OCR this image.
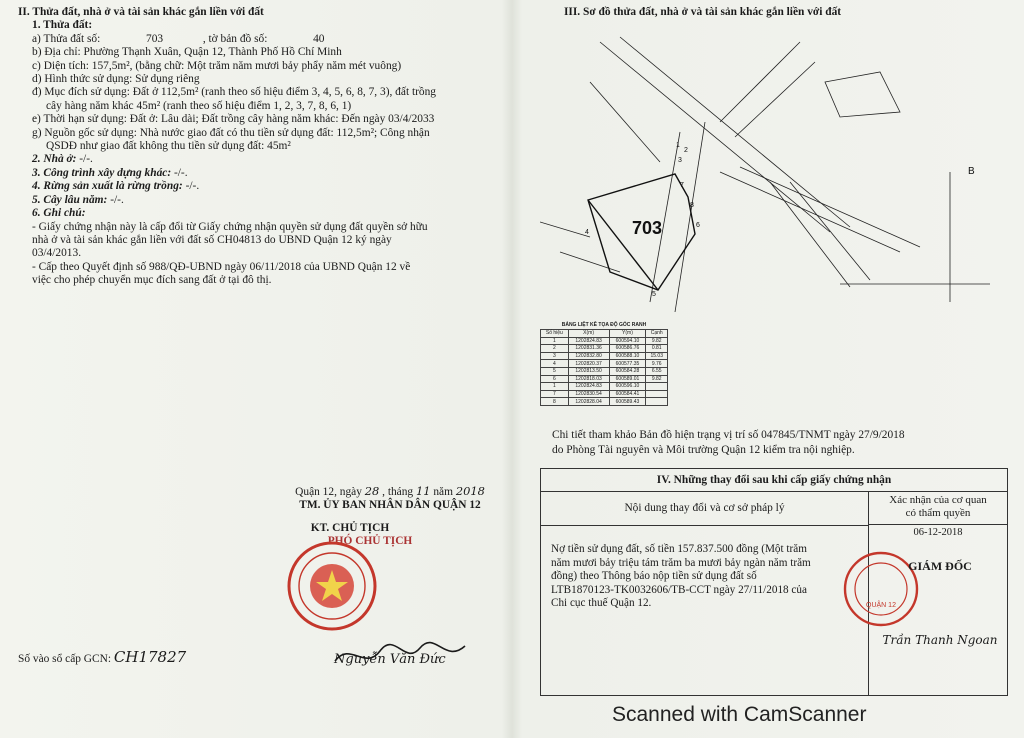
II. Thửa đất, nhà ở và tài sản khác gắn liền với đất

1. Thửa đất:

a) Thửa đất số:	703	, tờ bản đồ số:	40

b) Địa chỉ: Phường Thạnh Xuân, Quận 12, Thành Phố Hồ Chí Minh

c) Diện tích: 157,5m², (bằng chữ: Một trăm năm mươi bảy phẩy năm mét vuông)

d) Hình thức sử dụng: Sử dụng riêng

đ) Mục đích sử dụng: Đất ở 112,5m² (ranh theo số hiệu điểm 3, 4, 5, 6, 8, 7, 3), đất trồng

cây hàng năm khác 45m² (ranh theo số hiệu điểm 1, 2, 3, 7, 8, 6, 1)

e) Thời hạn sử dụng: Đất ở: Lâu dài; Đất trồng cây hàng năm khác: Đến ngày 03/4/2033

g) Nguồn gốc sử dụng: Nhà nước giao đất có thu tiền sử dụng đất: 112,5m²; Công nhận

QSDĐ như giao đất không thu tiền sử dụng đất: 45m²

2. Nhà ở: -/-.

3. Công trình xây dựng khác: -/-.

4. Rừng sản xuất là rừng trồng: -/-.

5. Cây lâu năm: -/-.

6. Ghi chú:

- Giấy chứng nhận này là cấp đổi từ Giấy chứng nhận quyền sử dụng đất quyền sở hữu

nhà ở và tài sản khác gắn liền với đất số CH04813 do UBND Quận 12 ký ngày

03/4/2013.

- Cấp theo Quyết định số 988/QĐ-UBND ngày 06/11/2018 của UBND Quận 12 về

việc cho phép chuyển mục đích sang đất ở tại đô thị.

Quận 12, ngày 28 , tháng 11 năm 2018
TM. ỦY BAN NHÂN DÂN QUẬN 12
KT. CHỦ TỊCH
PHÓ CHỦ TỊCH
Nguyễn Văn Đức
Số vào sổ cấp GCN: CH17827
III. Sơ đồ thửa đất, nhà ở và tài sản khác gắn liền với đất
703
B
1
2
3
4
5
6
7
8
BẢNG LIỆT KÊ TỌA ĐỘ GÓC RANH
Số hiệu	X(m)	Y(m)	Cạnh
1	1202824.83	600594.10	9.82
2	1202831.36	600586.76	0.81
3	1202832.80	600588.10	15.03
4	1202820.37	600577.35	9.76
5	1202813.50	600584.28	6.55
6	1202818.03	600589.01	9.82
1	1202824.83	600596.10	
7	1202830.54	600584.41	
8	1202828.04	600589.43	
Chi tiết tham khảo Bản đồ hiện trạng vị trí số 047845/TNMT ngày 27/9/2018
do Phòng Tài nguyên và Môi trường Quận 12 kiểm tra nội nghiệp.
IV. Những thay đổi sau khi cấp giấy chứng nhận
Nội dung thay đổi và cơ sở pháp lý
Xác nhận của cơ quan
có thẩm quyền
06-12-2018
Nợ tiền sử dụng đất, số tiền 157.837.500 đồng (Một trăm
năm mươi bảy triệu tám trăm ba mươi bảy ngàn năm trăm
đồng) theo Thông báo nộp tiền sử dụng đất số
LTB1870123-TK0032606/TB-CCT ngày 27/11/2018 của
Chi cục thuế Quận 12.	QUẬN 12
GIÁM ĐỐC
Trần Thanh Ngoan
Scanned with CamScanner
